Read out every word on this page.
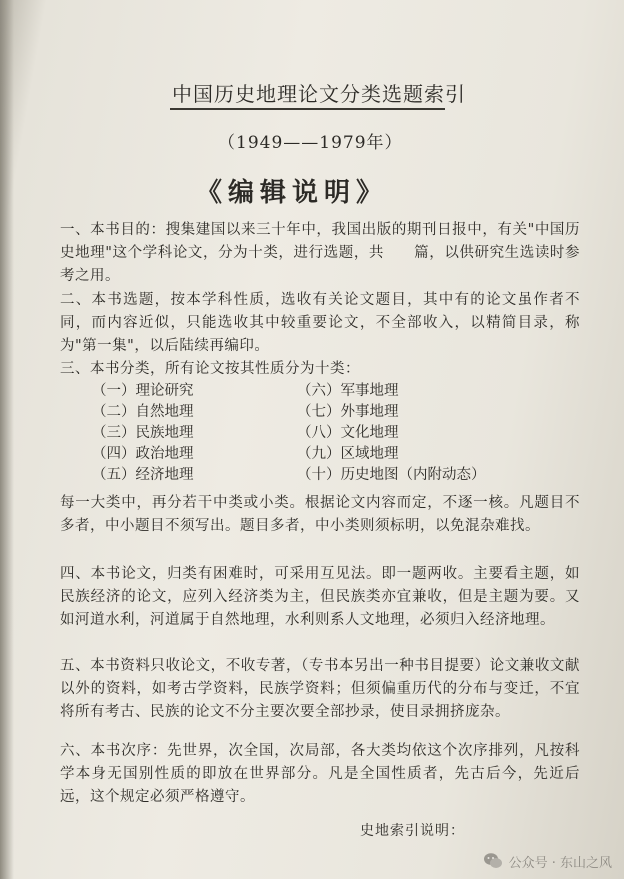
中国历史地理论文分类选题索引
（1949——1979年）
《编辑说明》
一、本书目的：搜集建国以来三十年中，我国出版的期刊日报中，有关"中国历史地理"这个学科论文，分为十类，进行选题，共　　篇，以供研究生选读时参考之用。
二、本书选题，按本学科性质，选收有关论文题目，其中有的论文虽作者不同，而内容近似，只能选收其中较重要论文，不全部收入，以精简目录，称为"第一集"，以后陆续再编印。
三、本书分类，所有论文按其性质分为十类：
（一）理论研究	（六）军事地理
（二）自然地理	（七）外事地理
（三）民族地理	（八）文化地理
（四）政治地理	（九）区域地理
（五）经济地理	（十）历史地图（内附动态）
每一大类中，再分若干中类或小类。根据论文内容而定，不逐一核。凡题目不多者，中小题目不须写出。题目多者，中小类则须标明，以免混杂难找。
四、本书论文，归类有困难时，可采用互见法。即一题两收。主要看主题，如民族经济的论文，应列入经济类为主，但民族类亦宜兼收，但是主题为要。又如河道水利，河道属于自然地理，水利则系人文地理，必须归入经济地理。
五、本书资料只收论文，不收专著，（专书本另出一种书目提要）论文兼收文献以外的资料，如考古学资料，民族学资料；但须偏重历代的分布与变迁，不宜将所有考古、民族的论文不分主要次要全部抄录，使目录拥挤庞杂。
六、本书次序：先世界，次全国，次局部，各大类均依这个次序排列，凡按科学本身无国别性质的即放在世界部分。凡是全国性质者，先古后今，先近后远，这个规定必须严格遵守。
史地索引说明：
公众号 · 东山之风
